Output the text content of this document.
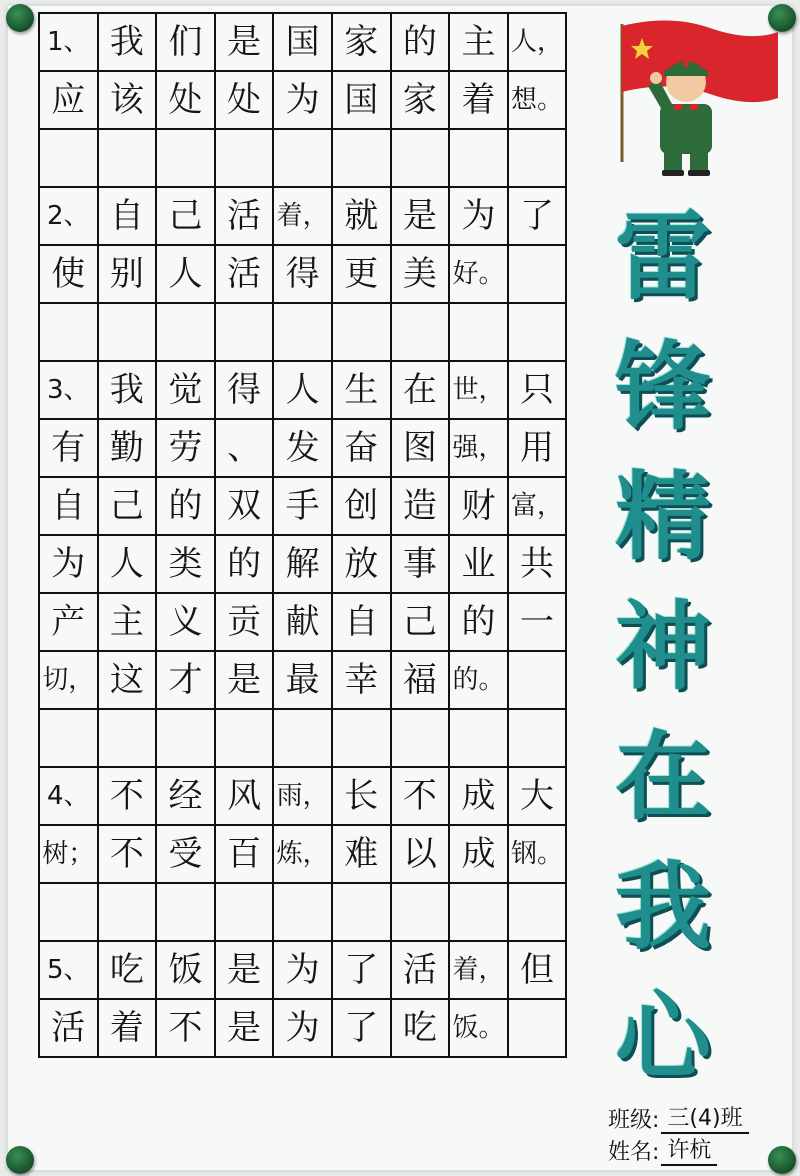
1、 我 们 是 国 家 的 主 人，
应 该 处 处 为 国 家 着 想。
2、 自 己 活 着， 就 是 为 了
使 别 人 活 得 更 美 好。
3、 我 觉 得 人 生 在 世， 只
有 勤 劳 、 发 奋 图 强， 用
自 己 的 双 手 创 造 财 富，
为 人 类 的 解 放 事 业 共
产 主 义 贡 献 自 己 的 一
切， 这 才 是 最 幸 福 的。
4、 不 经 风 雨， 长 不 成 大
树； 不 受 百 炼， 难 以 成 钢。
5、 吃 饭 是 为 了 活 着， 但
活 着 不 是 为 了 吃 饭。
雷
锋
精
神
在
我
心
班级: 三(4)班
姓名: 许杭
